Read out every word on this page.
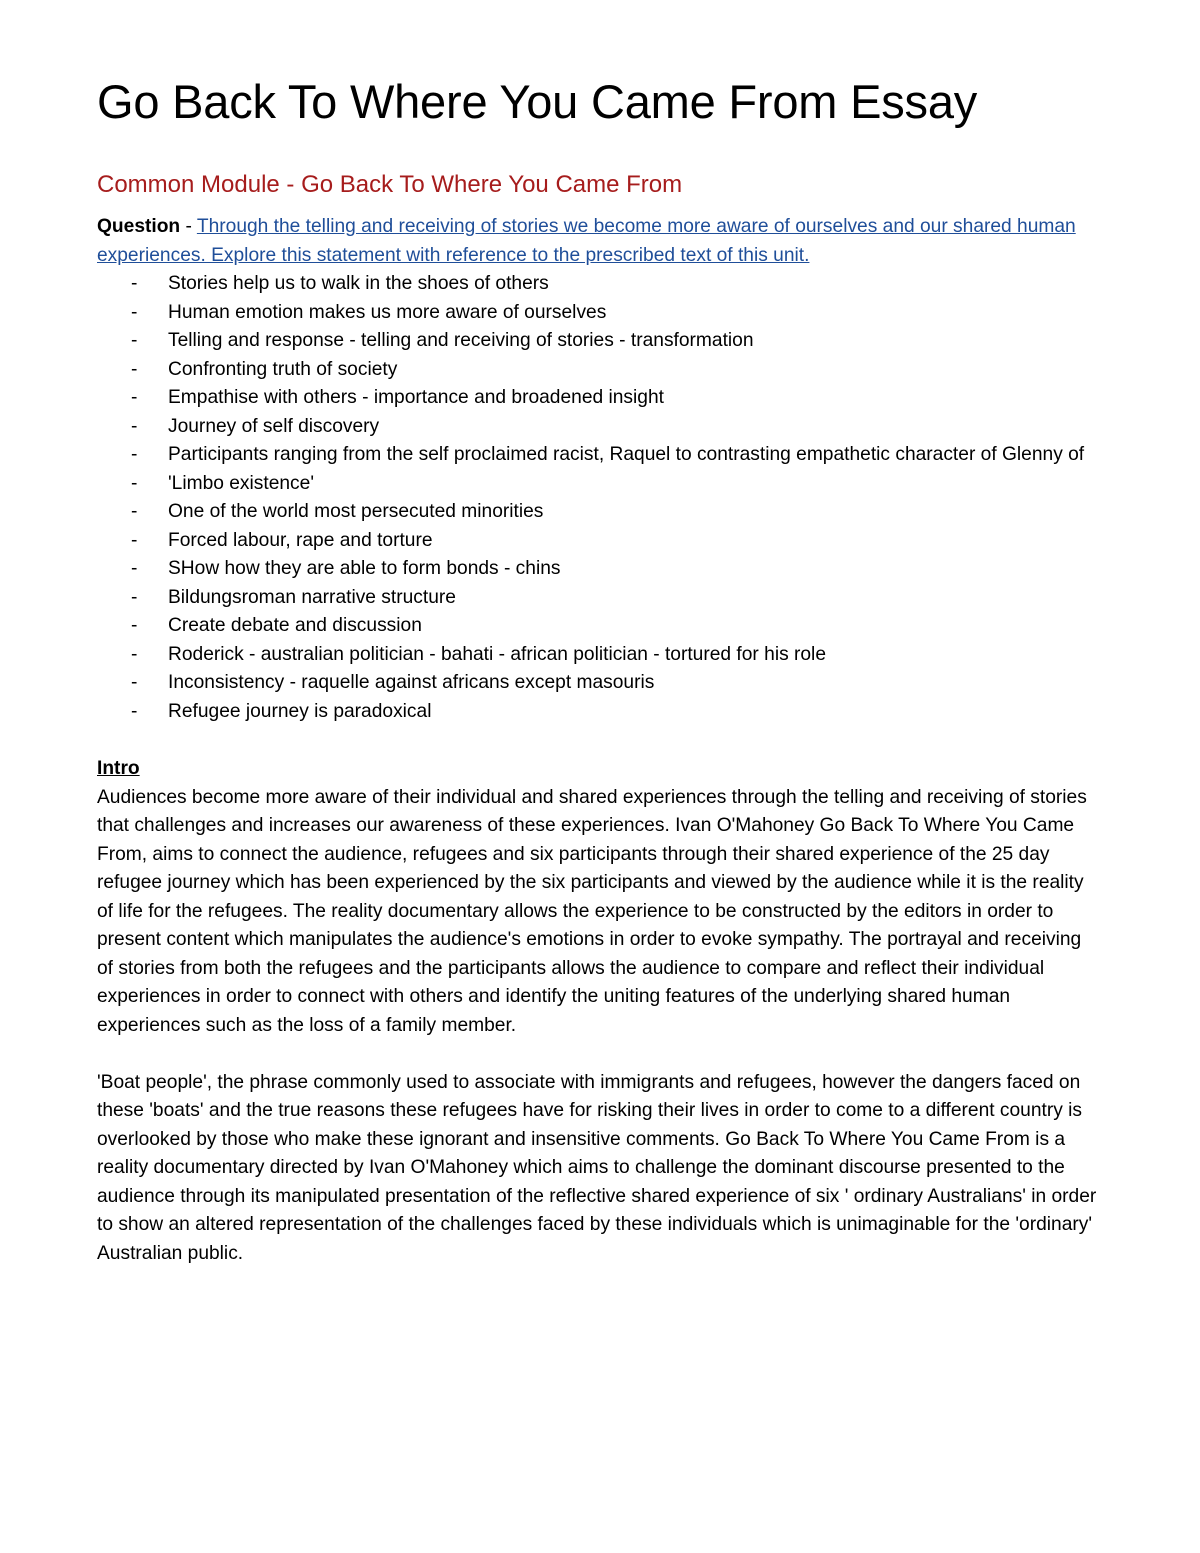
Go Back To Where You Came From Essay
Common Module - Go Back To Where You Came From

Question - Through the telling and receiving of stories we become more aware of ourselves and our shared human experiences. Explore this statement with reference to the prescribed text of this unit.

- Stories help us to walk in the shoes of others
- Human emotion makes us more aware of ourselves
- Telling and response - telling and receiving of stories - transformation
- Confronting truth of society
- Empathise with others - importance and broadened insight
- Journey of self discovery
- Participants ranging from the self proclaimed racist, Raquel to contrasting empathetic character of Glenny of
- 'Limbo existence'
- One of the world most persecuted minorities
- Forced labour, rape and torture
- SHow how they are able to form bonds - chins
- Bildungsroman narrative structure
- Create debate and discussion
- Roderick - australian politician - bahati - african politician - tortured for his role
- Inconsistency - raquelle against africans except masouris
- Refugee journey is paradoxical
Intro

Audiences become more aware of their individual and shared experiences through the telling and receiving of stories that challenges and increases our awareness of these experiences. Ivan O'Mahoney Go Back To Where You Came From, aims to connect the audience, refugees and six participants through their shared experience of the 25 day refugee journey which has been experienced by the six participants and viewed by the audience while it is the reality of life for the refugees. The reality documentary allows the experience to be constructed by the editors in order to present content which manipulates the audience's emotions in order to evoke sympathy. The portrayal and receiving of stories from both the refugees and the participants allows the audience to compare and reflect their individual experiences in order to connect with others and identify the uniting features of the underlying shared human experiences such as the loss of a family member.

'Boat people', the phrase commonly used to associate with immigrants and refugees, however the dangers faced on these 'boats' and the true reasons these refugees have for risking their lives in order to come to a different country is overlooked by those who make these ignorant and insensitive comments. Go Back To Where You Came From is a reality documentary directed by Ivan O'Mahoney which aims to challenge the dominant discourse presented to the audience through its manipulated presentation of the reflective shared experience of six ' ordinary Australians' in order to show an altered representation of the challenges faced by these individuals which is unimaginable for the 'ordinary' Australian public.
